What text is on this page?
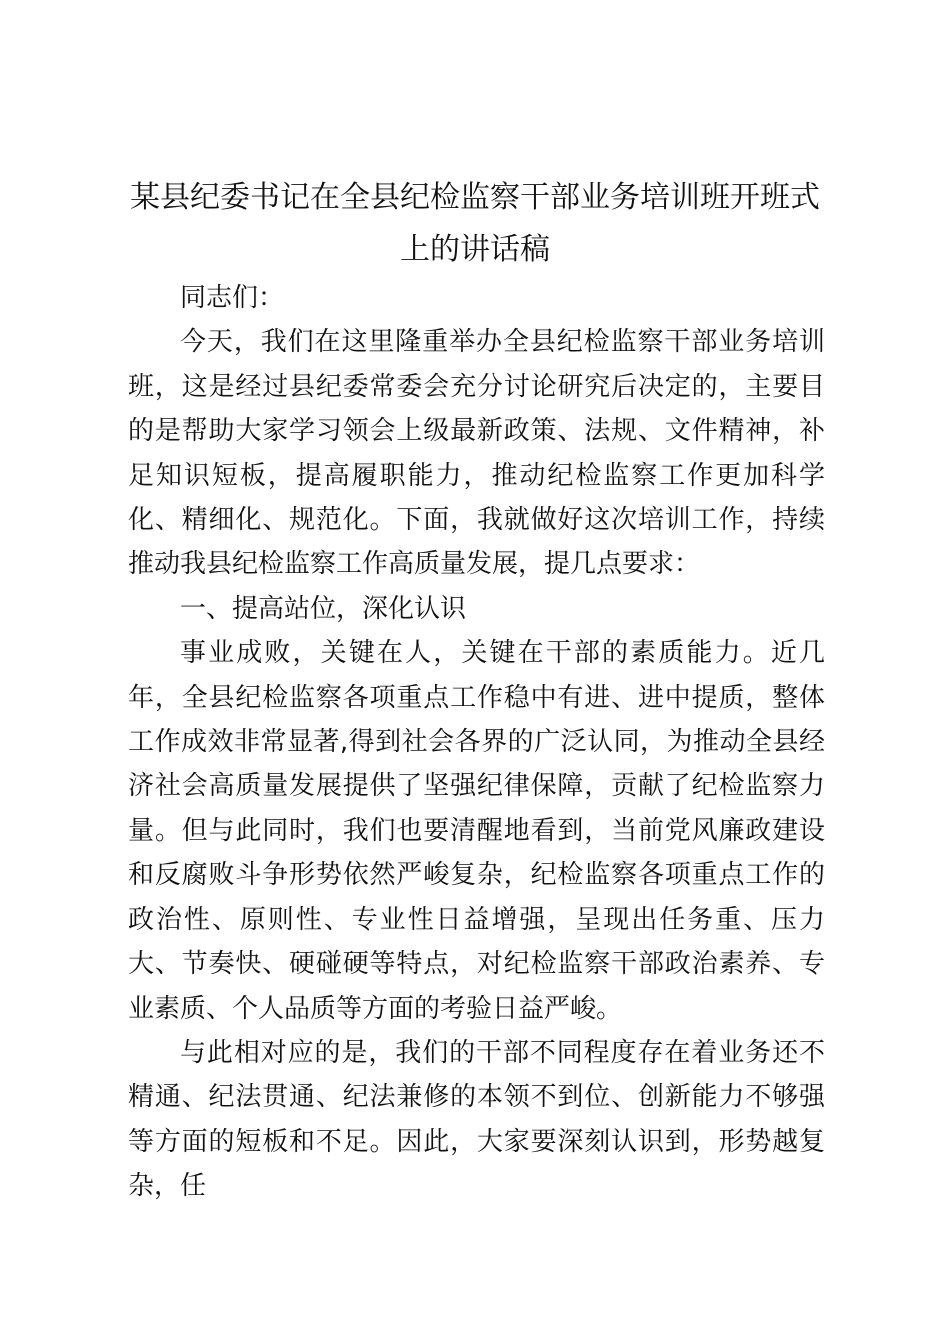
某县纪委书记在全县纪检监察干部业务培训班开班式上的讲话稿

同志们：

今天，我们在这里隆重举办全县纪检监察干部业务培训班，这是经过县纪委常委会充分讨论研究后决定的，主要目的是帮助大家学习领会上级最新政策、法规、文件精神，补足知识短板，提高履职能力，推动纪检监察工作更加科学化、精细化、规范化。下面，我就做好这次培训工作，持续推动我县纪检监察工作高质量发展，提几点要求：

一、提高站位，深化认识

事业成败，关键在人，关键在干部的素质能力。近几年，全县纪检监察各项重点工作稳中有进、进中提质，整体工作成效非常显著,得到社会各界的广泛认同，为推动全县经济社会高质量发展提供了坚强纪律保障，贡献了纪检监察力量。但与此同时，我们也要清醒地看到，当前党风廉政建设和反腐败斗争形势依然严峻复杂，纪检监察各项重点工作的政治性、原则性、专业性日益增强，呈现出任务重、压力大、节奏快、硬碰硬等特点，对纪检监察干部政治素养、专业素质、个人品质等方面的考验日益严峻。

与此相对应的是，我们的干部不同程度存在着业务还不精通、纪法贯通、纪法兼修的本领不到位、创新能力不够强等方面的短板和不足。因此，大家要深刻认识到，形势越复杂，任
